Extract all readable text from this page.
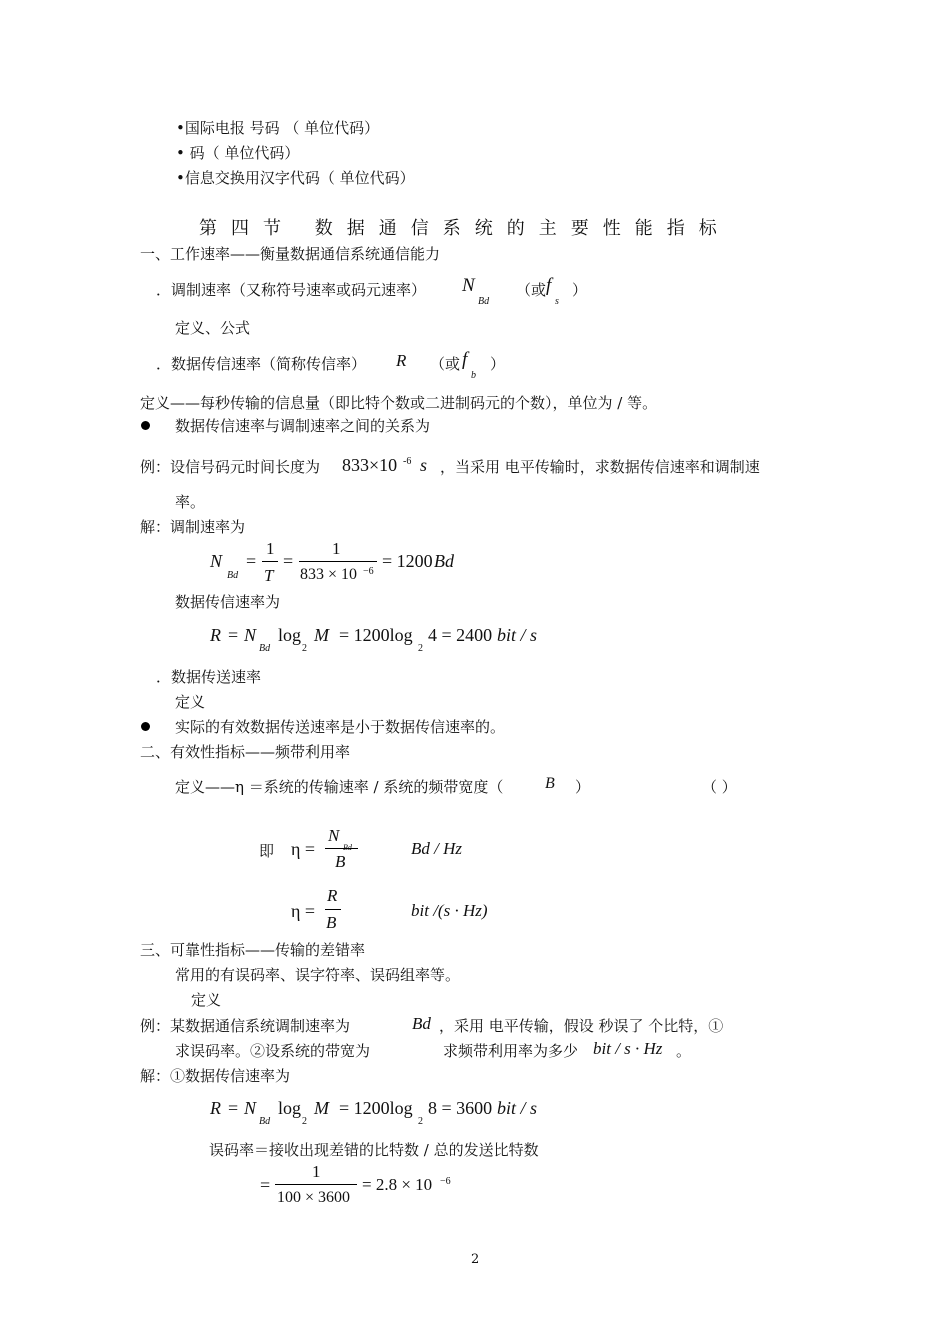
•国际电报 号码 （ 单位代码）
• 码（ 单位代码）
•信息交换用汉字代码（ 单位代码）
第四节 数据通信系统的主要性能指标
一、工作速率——衡量数据通信系统通信能力
．调制速率（又称符号速率或码元速率） N
Bd
（或 f
s
）
定义、公式
．数据传信速率（简称传信率） R （或 f
b
）
定义——每秒传输的信息量（即比特个数或二进制码元的个数），单位为 / 等。
数据传信速率与调制速率之间的关系为
例：设信号码元时间长度为 833×10 -6 s ，当采用 电平传输时，求数据传信速率和调制速
率。
解：调制速率为
N
Bd
=
1
T
=
1
833 × 10 −6
= 1200 Bd
数据传信速率为
R = N
Bd
log
2
M = 1200log
2
4 = 2400 bit / s
．数据传送速率
定义
实际的有效数据传送速率是小于数据传信速率的。
二、有效性指标——频带利用率
定义——η ＝系统的传输速率 / 系统的频带宽度（	B ）	（ ）
即 η =
N
B
Bd / Hz
η =
R
B
bit /(s · Hz)
三、可靠性指标——传输的差错率
常用的有误码率、误字符率、误码组率等。
定义
例：某数据通信系统调制速率为	Bd ，采用 电平传输，假设 秒误了 个比特，①
求误码率。②设系统的带宽为	求频带利用率为多少 bit / s · Hz 。
解：①数据传信速率为
R = N
Bd
log
2
M = 1200log
2
8 = 3600 bit / s
误码率＝接收出现差错的比特数 / 总的发送比特数
=
1
100 × 3600
= 2.8 × 10 −6
2
